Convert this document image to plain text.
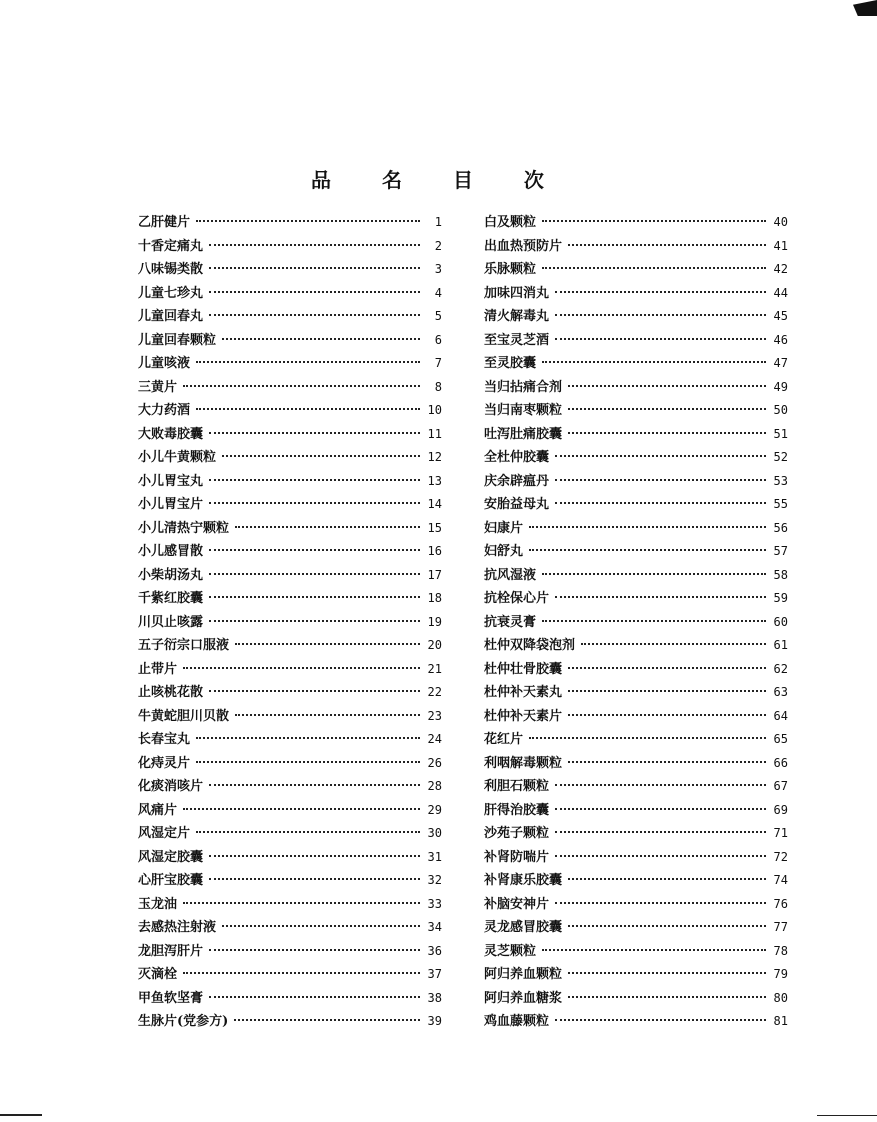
品 名 目 次
乙肝健片	1
十香定痛丸	2
八味锡类散	3
儿童七珍丸	4
儿童回春丸	5
儿童回春颗粒	6
儿童咳液	7
三黄片	8
大力药酒	10
大败毒胶囊	11
小儿牛黄颗粒	12
小儿胃宝丸	13
小儿胃宝片	14
小儿清热宁颗粒	15
小儿感冒散	16
小柴胡汤丸	17
千紫红胶囊	18
川贝止咳露	19
五子衍宗口服液	20
止带片	21
止咳桃花散	22
牛黄蛇胆川贝散	23
长春宝丸	24
化痔灵片	26
化痰消咳片	28
风痛片	29
风湿定片	30
风湿定胶囊	31
心肝宝胶囊	32
玉龙油	33
去感热注射液	34
龙胆泻肝片	36
灭滴栓	37
甲鱼软坚膏	38
生脉片(党参方)	39
白及颗粒	40
出血热预防片	41
乐脉颗粒	42
加味四消丸	44
清火解毒丸	45
至宝灵芝酒	46
至灵胶囊	47
当归拈痛合剂	49
当归南枣颗粒	50
吐泻肚痛胶囊	51
全杜仲胶囊	52
庆余辟瘟丹	53
安胎益母丸	55
妇康片	56
妇舒丸	57
抗风湿液	58
抗栓保心片	59
抗衰灵膏	60
杜仲双降袋泡剂	61
杜仲壮骨胶囊	62
杜仲补天素丸	63
杜仲补天素片	64
花红片	65
利咽解毒颗粒	66
利胆石颗粒	67
肝得治胶囊	69
沙苑子颗粒	71
补肾防喘片	72
补肾康乐胶囊	74
补脑安神片	76
灵龙感冒胶囊	77
灵芝颗粒	78
阿归养血颗粒	79
阿归养血糖浆	80
鸡血藤颗粒	81
